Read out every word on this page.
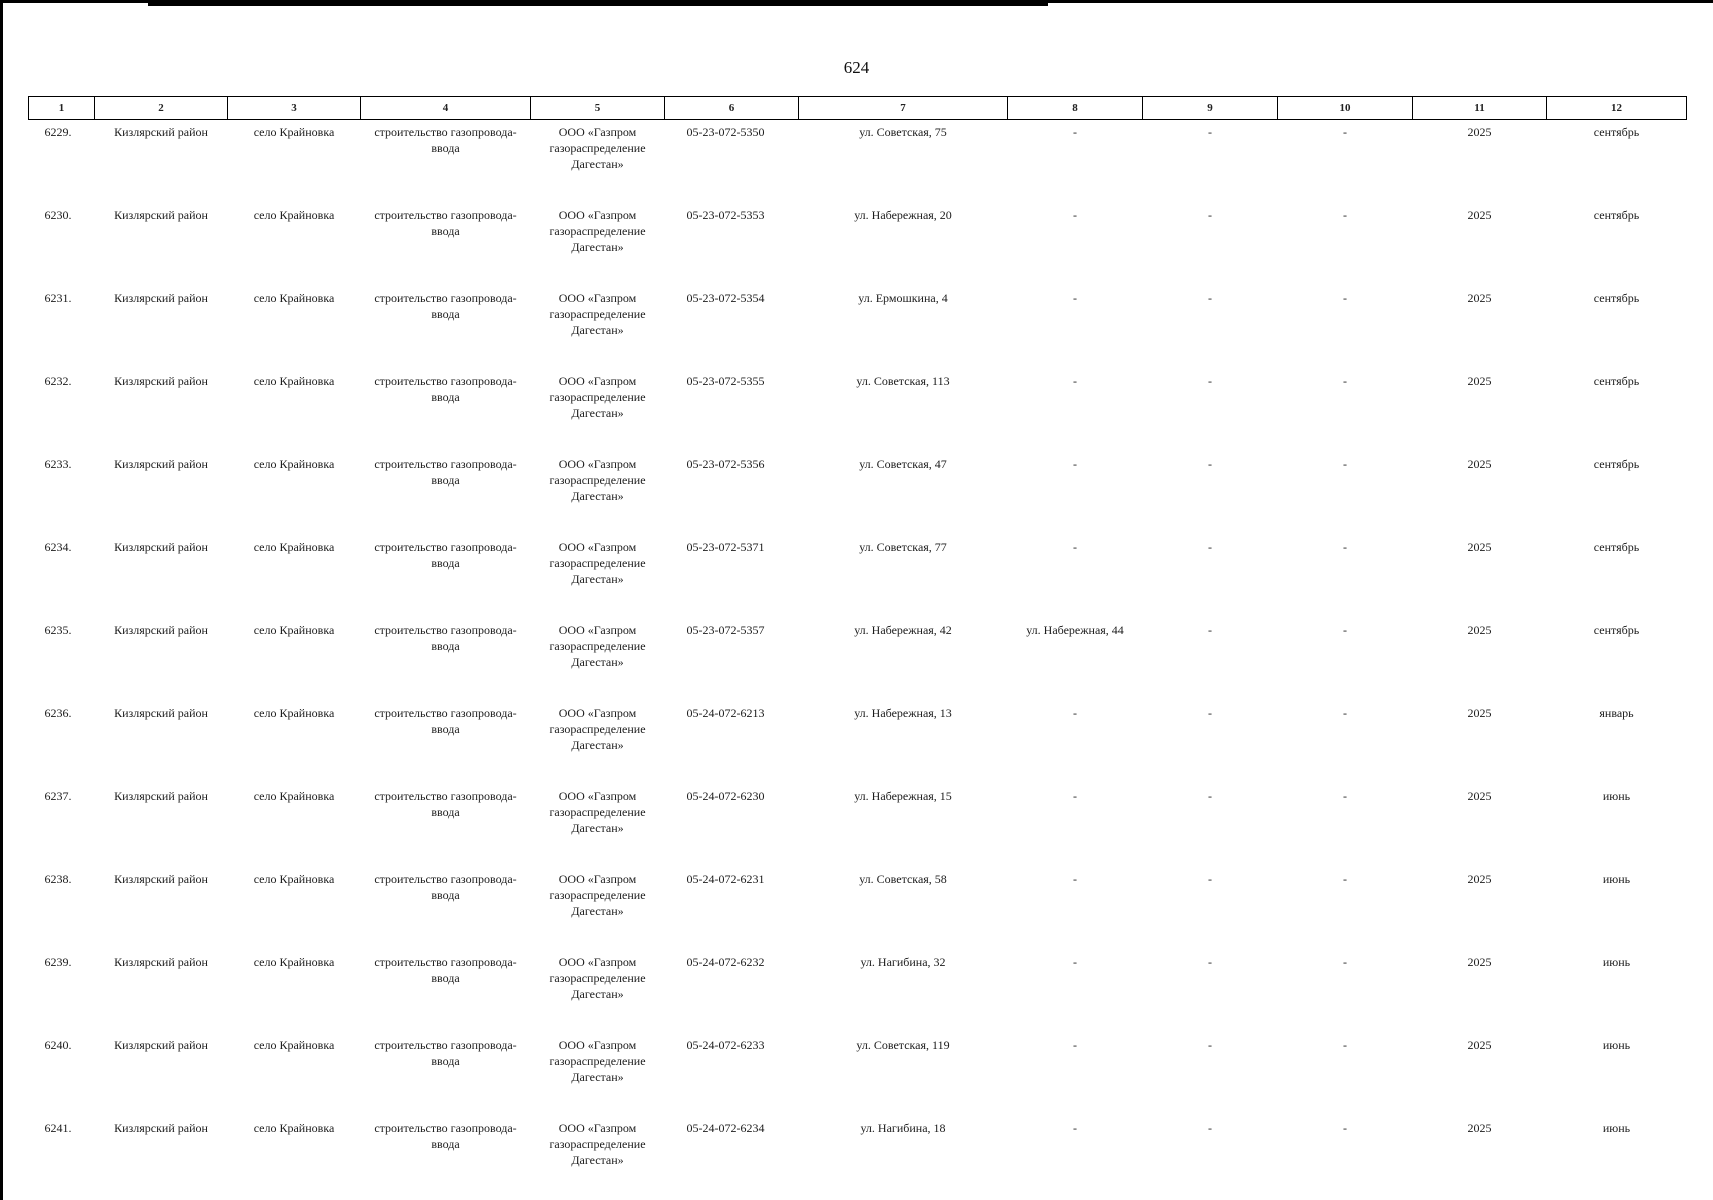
624
1	2	3	4	5	6	7	8	9	10	11	12
6229.	Кизлярский район	село Крайновка	строительство газопровода-ввода	ООО «Газпром газораспределение Дагестан»	05-23-072-5350	ул. Советская, 75	-	-	-	2025	сентябрь
6230.	Кизлярский район	село Крайновка	строительство газопровода-ввода	ООО «Газпром газораспределение Дагестан»	05-23-072-5353	ул. Набережная, 20	-	-	-	2025	сентябрь
6231.	Кизлярский район	село Крайновка	строительство газопровода-ввода	ООО «Газпром газораспределение Дагестан»	05-23-072-5354	ул. Ермошкина, 4	-	-	-	2025	сентябрь
6232.	Кизлярский район	село Крайновка	строительство газопровода-ввода	ООО «Газпром газораспределение Дагестан»	05-23-072-5355	ул. Советская, 113	-	-	-	2025	сентябрь
6233.	Кизлярский район	село Крайновка	строительство газопровода-ввода	ООО «Газпром газораспределение Дагестан»	05-23-072-5356	ул. Советская, 47	-	-	-	2025	сентябрь
6234.	Кизлярский район	село Крайновка	строительство газопровода-ввода	ООО «Газпром газораспределение Дагестан»	05-23-072-5371	ул. Советская, 77	-	-	-	2025	сентябрь
6235.	Кизлярский район	село Крайновка	строительство газопровода-ввода	ООО «Газпром газораспределение Дагестан»	05-23-072-5357	ул. Набережная, 42	ул. Набережная, 44	-	-	2025	сентябрь
6236.	Кизлярский район	село Крайновка	строительство газопровода-ввода	ООО «Газпром газораспределение Дагестан»	05-24-072-6213	ул. Набережная, 13	-	-	-	2025	январь
6237.	Кизлярский район	село Крайновка	строительство газопровода-ввода	ООО «Газпром газораспределение Дагестан»	05-24-072-6230	ул. Набережная, 15	-	-	-	2025	июнь
6238.	Кизлярский район	село Крайновка	строительство газопровода-ввода	ООО «Газпром газораспределение Дагестан»	05-24-072-6231	ул. Советская, 58	-	-	-	2025	июнь
6239.	Кизлярский район	село Крайновка	строительство газопровода-ввода	ООО «Газпром газораспределение Дагестан»	05-24-072-6232	ул. Нагибина, 32	-	-	-	2025	июнь
6240.	Кизлярский район	село Крайновка	строительство газопровода-ввода	ООО «Газпром газораспределение Дагестан»	05-24-072-6233	ул. Советская, 119	-	-	-	2025	июнь
6241.	Кизлярский район	село Крайновка	строительство газопровода-ввода	ООО «Газпром газораспределение Дагестан»	05-24-072-6234	ул. Нагибина, 18	-	-	-	2025	июнь
